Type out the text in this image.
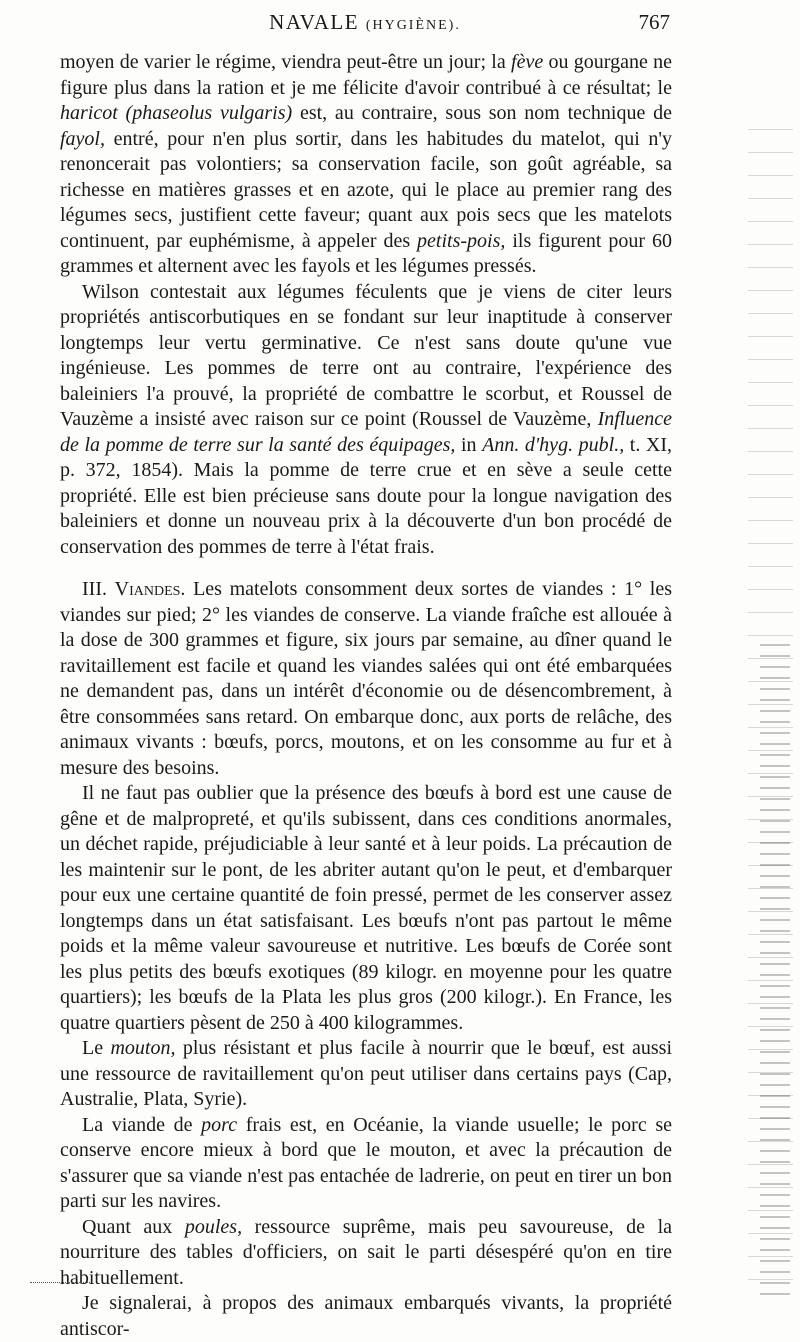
NAVALE (HYGIÈNE).	767

moyen de varier le régime, viendra peut-être un jour; la fève ou gourgane ne figure plus dans la ration et je me félicite d'avoir contribué à ce résultat; le haricot (phaseolus vulgaris) est, au contraire, sous son nom technique de fayol, entré, pour n'en plus sortir, dans les habitudes du matelot, qui n'y renoncerait pas volontiers; sa conservation facile, son goût agréable, sa richesse en matières grasses et en azote, qui le place au premier rang des légumes secs, justifient cette faveur; quant aux pois secs que les matelots continuent, par euphémisme, à appeler des petits-pois, ils figurent pour 60 grammes et alternent avec les fayols et les légumes pressés.

Wilson contestait aux légumes féculents que je viens de citer leurs propriétés antiscorbutiques en se fondant sur leur inaptitude à conserver longtemps leur vertu germinative. Ce n'est sans doute qu'une vue ingénieuse. Les pommes de terre ont au contraire, l'expérience des baleiniers l'a prouvé, la propriété de combattre le scorbut, et Roussel de Vauzème a insisté avec raison sur ce point (Roussel de Vauzème, Influence de la pomme de terre sur la santé des équipages, in Ann. d'hyg. publ., t. XI, p. 372, 1854). Mais la pomme de terre crue et en sève a seule cette propriété. Elle est bien précieuse sans doute pour la longue navigation des baleiniers et donne un nouveau prix à la découverte d'un bon procédé de conservation des pommes de terre à l'état frais.

III. Viandes. Les matelots consomment deux sortes de viandes : 1° les viandes sur pied; 2° les viandes de conserve. La viande fraîche est allouée à la dose de 300 grammes et figure, six jours par semaine, au dîner quand le ravitaillement est facile et quand les viandes salées qui ont été embarquées ne demandent pas, dans un intérêt d'économie ou de désencombrement, à être consommées sans retard. On embarque donc, aux ports de relâche, des animaux vivants : bœufs, porcs, moutons, et on les consomme au fur et à mesure des besoins.

Il ne faut pas oublier que la présence des bœufs à bord est une cause de gêne et de malpropreté, et qu'ils subissent, dans ces conditions anormales, un déchet rapide, préjudiciable à leur santé et à leur poids. La précaution de les maintenir sur le pont, de les abriter autant qu'on le peut, et d'embarquer pour eux une certaine quantité de foin pressé, permet de les conserver assez longtemps dans un état satisfaisant. Les bœufs n'ont pas partout le même poids et la même valeur savoureuse et nutritive. Les bœufs de Corée sont les plus petits des bœufs exotiques (89 kilogr. en moyenne pour les quatre quartiers); les bœufs de la Plata les plus gros (200 kilogr.). En France, les quatre quartiers pèsent de 250 à 400 kilogrammes.

Le mouton, plus résistant et plus facile à nourrir que le bœuf, est aussi une ressource de ravitaillement qu'on peut utiliser dans certains pays (Cap, Australie, Plata, Syrie).

La viande de porc frais est, en Océanie, la viande usuelle; le porc se conserve encore mieux à bord que le mouton, et avec la précaution de s'assurer que sa viande n'est pas entachée de ladrerie, on peut en tirer un bon parti sur les navires.

Quant aux poules, ressource suprême, mais peu savoureuse, de la nourriture des tables d'officiers, on sait le parti désespéré qu'on en tire habituellement.

Je signalerai, à propos des animaux embarqués vivants, la propriété antiscor-
